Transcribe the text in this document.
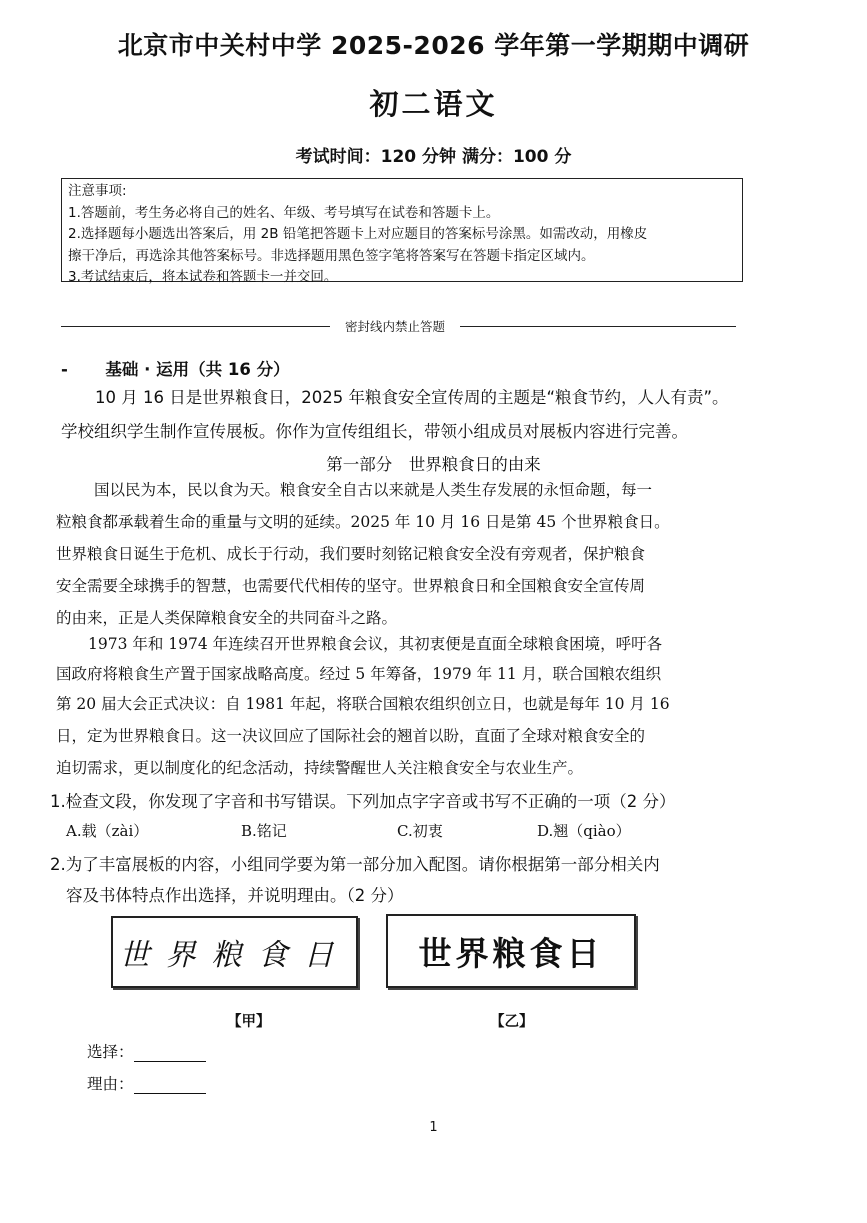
北京市中关村中学 2025-2026 学年第一学期期中调研
初二语文
考试时间：120 分钟 满分：100 分
注意事项:
1.答题前，考生务必将自己的姓名、年级、考号填写在试卷和答题卡上。
2.选择题每小题选出答案后，用 2B 铅笔把答题卡上对应题目的答案标号涂黑。如需改动，用橡皮
擦干净后，再选涂其他答案标号。非选择题用黑色签字笔将答案写在答题卡指定区域内。
3.考试结束后，将本试卷和答题卡一并交回。
密封线内禁止答题
- 基础 · 运用（共 16 分）
10 月 16 日是世界粮食日，2025 年粮食安全宣传周的主题是“粮食节约，人人有责”。
学校组织学生制作宣传展板。你作为宣传组组长，带领小组成员对展板内容进行完善。
第一部分　世界粮食日的由来
国以民为本，民以食为天。粮食安全自古以来就是人类生存发展的永恒命题，每一
粒粮食都承载着生命的重量与文明的延续。2025 年 10 月 16 日是第 45 个世界粮食日。
世界粮食日诞生于危机、成长于行动，我们要时刻铭记粮食安全没有旁观者，保护粮食
安全需要全球携手的智慧，也需要代代相传的坚守。世界粮食日和全国粮食安全宣传周
的由来，正是人类保障粮食安全的共同奋斗之路。
1973 年和 1974 年连续召开世界粮食会议，其初衷便是直面全球粮食困境，呼吁各
国政府将粮食生产置于国家战略高度。经过 5 年筹备，1979 年 11 月，联合国粮农组织
第 20 届大会正式决议：自 1981 年起，将联合国粮农组织创立日，也就是每年 10 月 16
日，定为世界粮食日。这一决议回应了国际社会的翘首以盼，直面了全球对粮食安全的
迫切需求，更以制度化的纪念活动，持续警醒世人关注粮食安全与农业生产。
1.检查文段，你发现了字音和书写错误。下列加点字字音或书写不正确的一项（2 分）
A.载（zài）	B.铭记	C.初衷	D.翘（qiào）
2.为了丰富展板的内容，小组同学要为第一部分加入配图。请你根据第一部分相关内
容及书体特点作出选择，并说明理由。（2 分）
世界粮食日 世界粮食日
【甲】	【乙】
选择：
理由：
1
